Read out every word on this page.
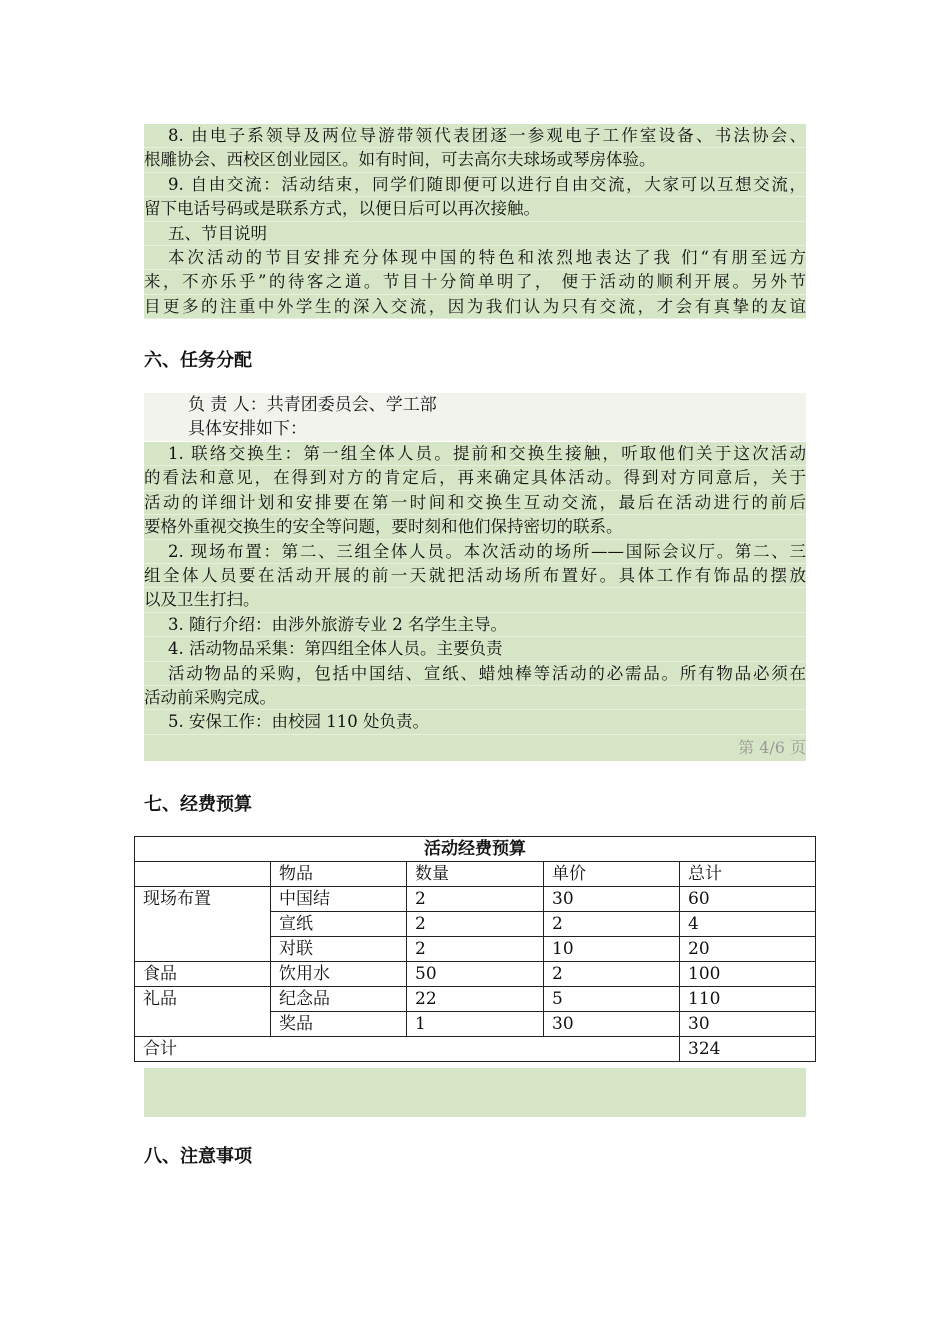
8. 由电子系领导及两位导游带领代表团逐一参观电子工作室设备、书法协会、
根雕协会、西校区创业园区。如有时间，可去高尔夫球场或琴房体验。
9. 自由交流：活动结束，同学们随即便可以进行自由交流，大家可以互想交流，
留下电话号码或是联系方式，以便日后可以再次接触。
五、节目说明
本次活动的节目安排充分体现中国的特色和浓烈地表达了我 们“有朋至远方
来，不亦乐乎”的待客之道。节目十分简单明了， 便于活动的顺利开展。另外节
目更多的注重中外学生的深入交流，因为我们认为只有交流，才会有真挚的友谊
六、任务分配
负 责 人：共青团委员会、学工部
具体安排如下：
1. 联络交换生：第一组全体人员。提前和交换生接触，听取他们关于这次活动
的看法和意见，在得到对方的肯定后，再来确定具体活动。得到对方同意后，关于
活动的详细计划和安排要在第一时间和交换生互动交流，最后在活动进行的前后
要格外重视交换生的安全等问题，要时刻和他们保持密切的联系。
2. 现场布置：第二、三组全体人员。本次活动的场所——国际会议厅。第二、三
组全体人员要在活动开展的前一天就把活动场所布置好。具体工作有饰品的摆放
以及卫生打扫。
3. 随行介绍：由涉外旅游专业 2 名学生主导。
4. 活动物品采集：第四组全体人员。主要负责
活动物品的采购，包括中国结、宣纸、蜡烛棒等活动的必需品。所有物品必须在
活动前采购完成。
5. 安保工作：由校园 110 处负责。
第 4/6 页
七、经费预算
活动经费预算				
	物品	数量	单价	总计
现场布置	中国结	2	30	60
	宣纸	2	2	4
	对联	2	10	20
食品	饮用水	50	2	100
礼品	纪念品	22	5	110
	奖品	1	30	30
合计				324
八、注意事项
